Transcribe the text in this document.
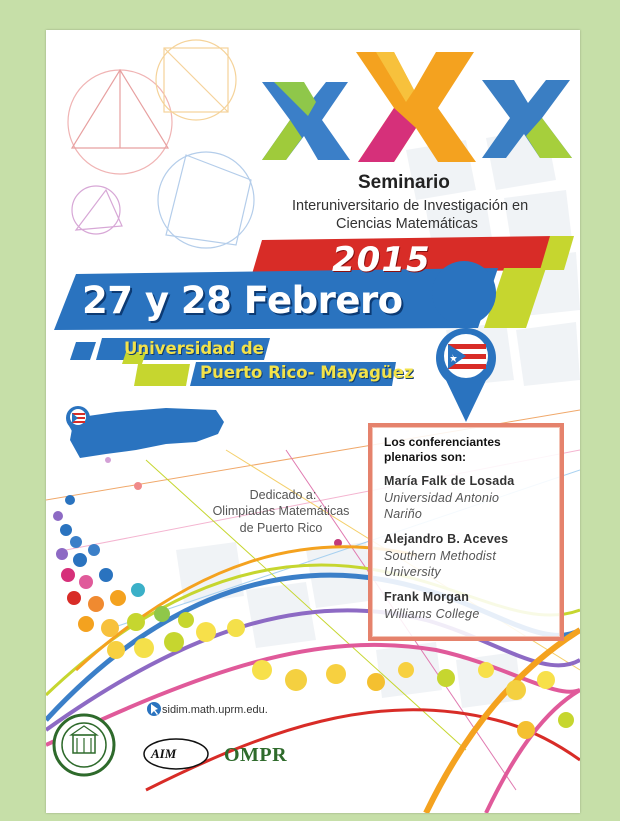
Seminario
Interuniversitario de Investigación en
Ciencias Matemáticas
2015
27 y 28 Febrero
Universidad de
Puerto Rico- Mayagüez
Dedicado a:
Olimpiadas Matemáticas
de Puerto Rico
Los conferenciantes
plenarios son:
María Falk de Losada
Universidad Antonio
Nariño
Alejandro B. Aceves
Southern Methodist
University
Frank Morgan
Williams College
sidim.math.uprm.edu.
AIM OMPR
